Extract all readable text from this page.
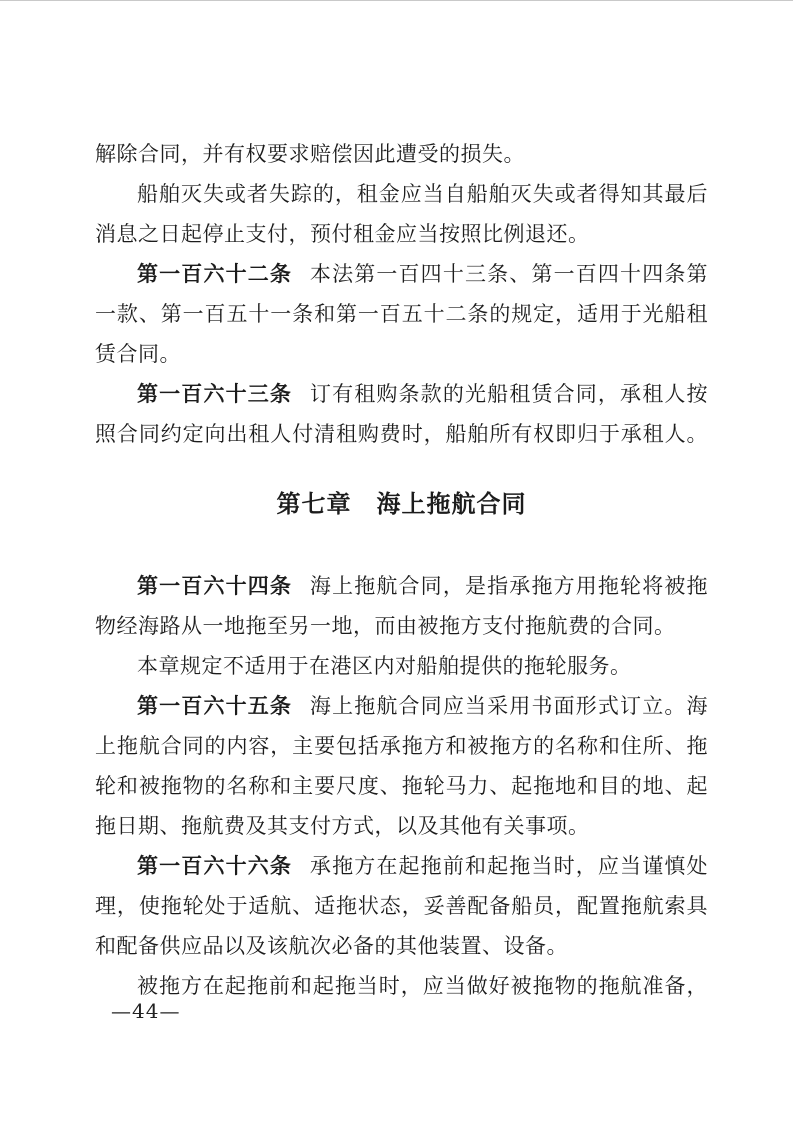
解除合同，并有权要求赔偿因此遭受的损失。

船舶灭失或者失踪的，租金应当自船舶灭失或者得知其最后

消息之日起停止支付，预付租金应当按照比例退还。

第一百六十二条 本法第一百四十三条、第一百四十四条第

一款、第一百五十一条和第一百五十二条的规定，适用于光船租

赁合同。

第一百六十三条 订有租购条款的光船租赁合同，承租人按

照合同约定向出租人付清租购费时，船舶所有权即归于承租人。

第七章　海上拖航合同

第一百六十四条 海上拖航合同，是指承拖方用拖轮将被拖

物经海路从一地拖至另一地，而由被拖方支付拖航费的合同。

本章规定不适用于在港区内对船舶提供的拖轮服务。

第一百六十五条 海上拖航合同应当采用书面形式订立。海

上拖航合同的内容，主要包括承拖方和被拖方的名称和住所、拖

轮和被拖物的名称和主要尺度、拖轮马力、起拖地和目的地、起

拖日期、拖航费及其支付方式，以及其他有关事项。

第一百六十六条 承拖方在起拖前和起拖当时，应当谨慎处

理，使拖轮处于适航、适拖状态，妥善配备船员，配置拖航索具

和配备供应品以及该航次必备的其他装置、设备。

被拖方在起拖前和起拖当时，应当做好被拖物的拖航准备，

—44—
